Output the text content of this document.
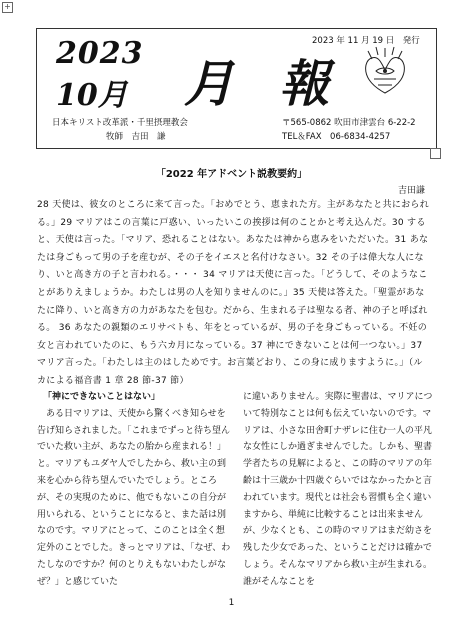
+
2023
10月 月 報
2023 年 11 月 19 日　発行
日本キリスト改革派・千里摂理教会
牧師　吉田　謙
〒565-0862 吹田市津雲台 6-22-2
TEL＆FAX　06-6834-4257
「2022 年アドベント説教要約」
吉田謙
28 天使は、彼女のところに来て言った。「おめでとう、恵まれた方。主があなたと共におられる。」29 マリアはこの言葉に戸惑い、いったいこの挨拶は何のことかと考え込んだ。30 すると、天使は言った。「マリア、恐れることはない。あなたは神から恵みをいただいた。31 あなたは身ごもって男の子を産むが、その子をイエスと名付けなさい。32 その子は偉大な人になり、いと高き方の子と言われる。・・・ 34 マリアは天使に言った。「どうして、そのようなことがありえましょうか。わたしは男の人を知りませんのに。」35 天使は答えた。「聖霊があなたに降り、いと高き方の力があなたを包む。だから、生まれる子は聖なる者、神の子と呼ばれる。 36 あなたの親類のエリサベトも、年をとっているが、男の子を身ごもっている。不妊の女と言われていたのに、もう六カ月になっている。37 神にできないことは何一つない。」37 マリア言った。「わたしは主のはしためです。お言葉どおり、この身に成りますように。」（ルカによる福音書 1 章 28 節-37 節）
「神にできないことはない」
　ある日マリアは、天使から驚くべき知らせを告げ知らされました。「これまでずっと待ち望んでいた救い主が、あなたの胎から産まれる！」と。マリアもユダヤ人でしたから、救い主の到来を心から待ち望んでいたでしょう。ところが、その実現のために、他でもないこの自分が用いられる、ということになると、また話は別なのです。マリアにとって、このことは全く想定外のことでした。きっとマリアは、「なぜ、わたしなのですか？何のとりえもないわたしがなぜ？」と感じていた
に違いありません。実際に聖書は、マリアについて特別なことは何も伝えていないのです。マリアは、小さな田舎町ナザレに住む一人の平凡な女性にしか過ぎませんでした。しかも、聖書学者たちの見解によると、この時のマリアの年齢は十三歳か十四歳ぐらいではなかったかと言われています。現代とは社会も習慣も全く違いますから、単純に比較することは出来ませんが、少なくとも、この時のマリアはまだ幼さを残した少女であった、ということだけは確かでしょう。そんなマリアから救い主が生まれる。誰がそんなことを
1
